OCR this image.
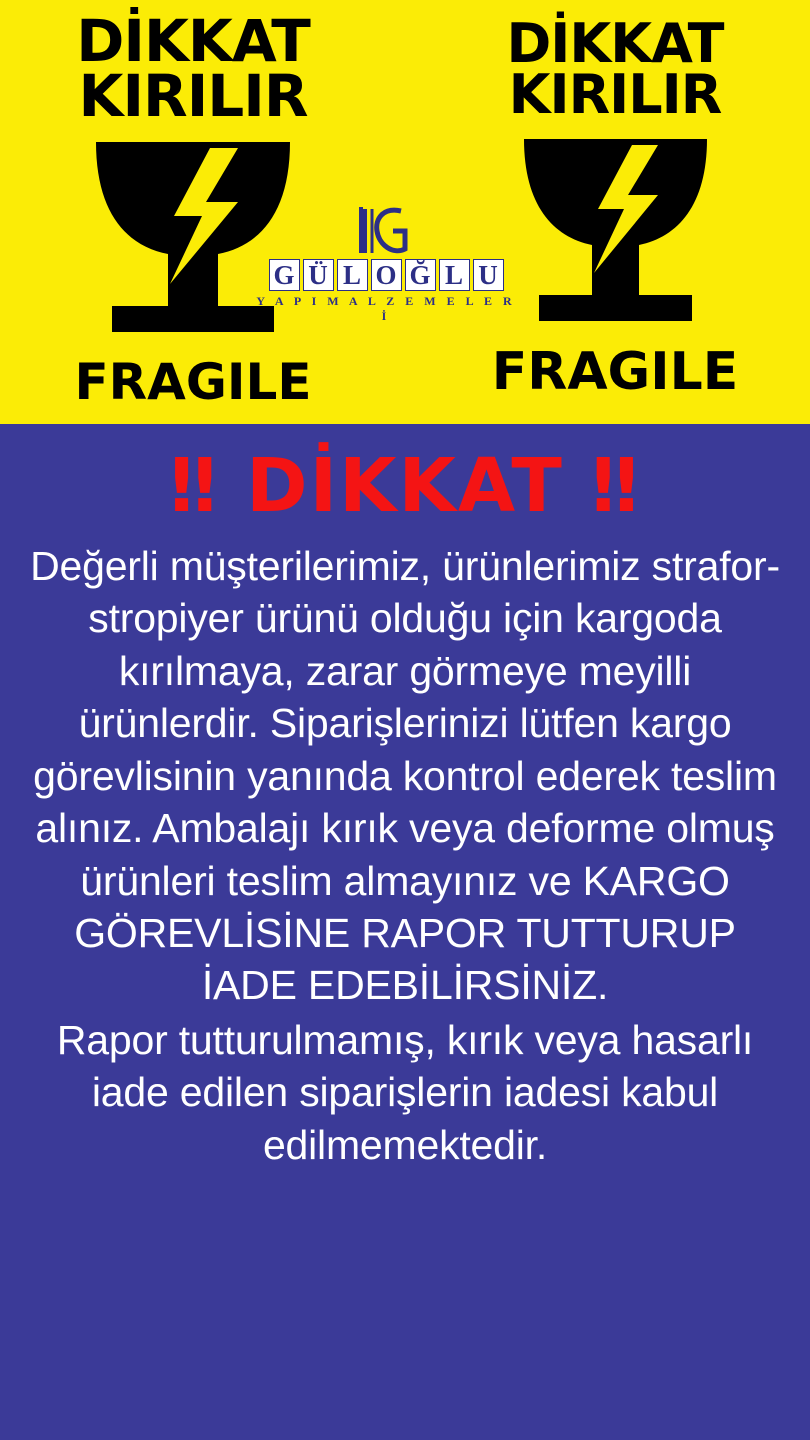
DİKKAT
KIRILIR
FRAGILE
DİKKAT
KIRILIR
FRAGILE
G Ü L O Ğ L U
Y A P I M A L Z E M E L E R İ
‼ DİKKAT ‼

Değerli müşterilerimiz, ürünlerimiz strafor-stropiyer ürünü olduğu için kargoda kırılmaya, zarar görmeye meyilli ürünlerdir. Siparişlerinizi lütfen kargo görevlisinin yanında kontrol ederek teslim alınız. Ambalajı kırık veya deforme olmuş ürünleri teslim almayınız ve KARGO GÖREVLİSİNE RAPOR TUTTURUP İADE EDEBİLİRSİNİZ.

Rapor tutturulmamış, kırık veya hasarlı iade edilen siparişlerin iadesi kabul edilmemektedir.
